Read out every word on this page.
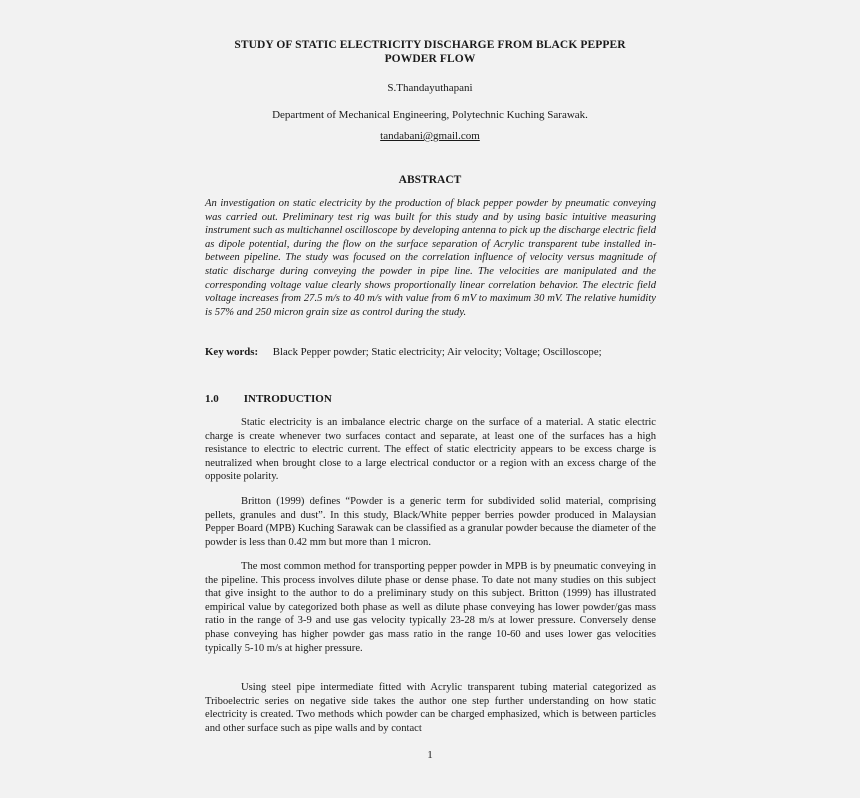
STUDY OF STATIC ELECTRICITY DISCHARGE FROM BLACK PEPPER
POWDER FLOW
S.Thandayuthapani
Department of Mechanical Engineering, Polytechnic Kuching Sarawak.
tandabani@gmail.com
ABSTRACT

An investigation on static electricity by the production of black pepper powder by pneumatic conveying was carried out. Preliminary test rig was built for this study and by using basic intuitive measuring instrument such as multichannel oscilloscope by developing antenna to pick up the discharge electric field as dipole potential, during the flow on the surface separation of Acrylic transparent tube installed in-between pipeline. The study was focused on the correlation influence of velocity versus magnitude of static discharge during conveying the powder in pipe line. The velocities are manipulated and the corresponding voltage value clearly shows proportionally linear correlation behavior. The electric field voltage increases from 27.5 m/s to 40 m/s with value from 6 mV to maximum 30 mV. The relative humidity is 57% and 250 micron grain size as control during the study.

Key words: Black Pepper powder; Static electricity; Air velocity; Voltage; Oscilloscope;
1.0 INTRODUCTION

Static electricity is an imbalance electric charge on the surface of a material. A static electric charge is create whenever two surfaces contact and separate, at least one of the surfaces has a high resistance to electric to electric current. The effect of static electricity appears to be excess charge is neutralized when brought close to a large electrical conductor or a region with an excess charge of the opposite polarity.

Britton (1999) defines “Powder is a generic term for subdivided solid material, comprising pellets, granules and dust”. In this study, Black/White pepper berries powder produced in Malaysian Pepper Board (MPB) Kuching Sarawak can be classified as a granular powder because the diameter of the powder is less than 0.42 mm but more than 1 micron.

The most common method for transporting pepper powder in MPB is by pneumatic conveying in the pipeline. This process involves dilute phase or dense phase. To date not many studies on this subject that give insight to the author to do a preliminary study on this subject. Britton (1999) has illustrated empirical value by categorized both phase as well as dilute phase conveying has lower powder/gas mass ratio in the range of 3-9 and use gas velocity typically 23-28 m/s at lower pressure. Conversely dense phase conveying has higher powder gas mass ratio in the range 10-60 and uses lower gas velocities typically 5-10 m/s at higher pressure.

Using steel pipe intermediate fitted with Acrylic transparent tubing material categorized as Triboelectric series on negative side takes the author one step further understanding on how static electricity is created. Two methods which powder can be charged emphasized, which is between particles and other surface such as pipe walls and by contact

1
